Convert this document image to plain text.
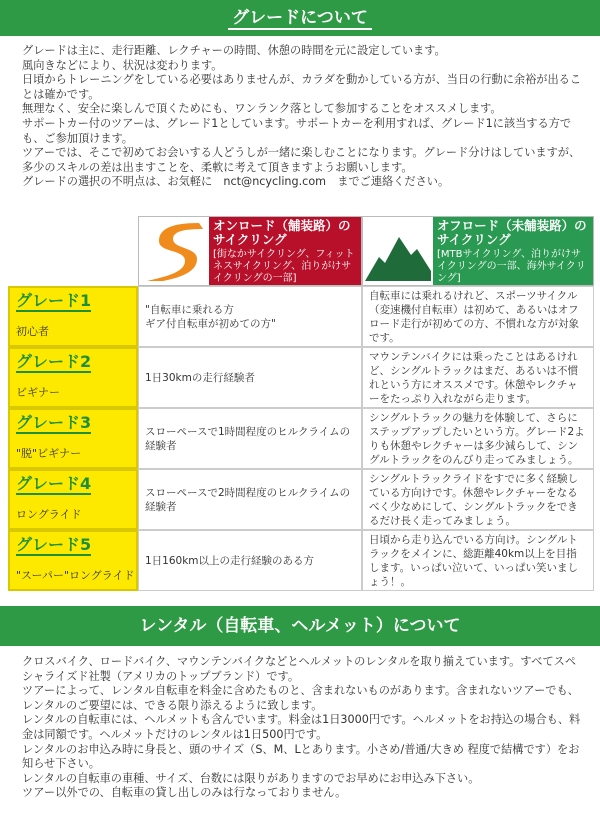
グレードについて

グレードは主に、走行距離、レクチャーの時間、休憩の時間を元に設定しています。

風向きなどにより、状況は変わります。

日頃からトレーニングをしている必要はありませんが、カラダを動かしている方が、当日の行動に余裕が出ることは確かです。

無理なく、安全に楽しんで頂くためにも、ワンランク落として参加することをオススメします。

サポートカー付のツアーは、グレード1としています。サポートカーを利用すれば、グレード1に該当する方でも、ご参加頂けます。

ツアーでは、そこで初めてお会いする人どうしが一緒に楽しむことになります。グレード分けはしていますが、多少のスキルの差は出ますことを、柔軟に考えて頂きますようお願いします。

グレードの選択の不明点は、お気軽に　nct@ncycling.com　までご連絡ください。

オンロード（舗装路）のサイクリング
[街なかサイクリング、フィットネスサイクリング、泊りがけサイクリングの一部]
オフロード（未舗装路）のサイクリング
[MTBサイクリング、泊りがけサイクリングの一部、海外サイクリング]
グレード1
初心者
"自転車に乗れる方
ギア付自転車が初めての方"
自転車には乗れるけれど、スポーツサイクル（変速機付自転車）は初めて、あるいはオフロード走行が初めての方、不慣れな方が対象です。
グレード2
ビギナー
1日30kmの走行経験者
マウンテンバイクには乗ったことはあるけれど、シングルトラックはまだ、あるいは不慣れという方にオススメです。休憩やレクチャーをたっぷり入れながら走ります。
グレード3
"脱"ビギナー
スローペースで1時間程度のヒルクライムの経験者
シングルトラックの魅力を体験して、さらにステップアップしたいという方。グレード2よりも休憩やレクチャーは多少減らして、シングルトラックをのんびり走ってみましょう。
グレード4
ロングライド
スローペースで2時間程度のヒルクライムの経験者
シングルトラックライドをすでに多く経験している方向けです。休憩やレクチャーをなるべく少なめにして、シングルトラックをできるだけ長く走ってみましょう。
グレード5
"スーパー"ロングライド
1日160km以上の走行経験のある方
日頃から走り込んでいる方向け。シングルトラックをメインに、総距離40km以上を目指します。いっぱい泣いて、いっぱい笑いましょう！。
レンタル（自転車、ヘルメット）について

クロスバイク、ロードバイク、マウンテンバイクなどとヘルメットのレンタルを取り揃えています。すべてスペシャライズド社製（アメリカのトップブランド）です。

ツアーによって、レンタル自転車を料金に含めたものと、含まれないものがあります。含まれないツアーでも、レンタルのご要望には、できる限り添えるように致します。

レンタルの自転車には、ヘルメットも含んでいます。料金は1日3000円です。ヘルメットをお持込の場合も、料金は同額です。ヘルメットだけのレンタルは1日500円です。

レンタルのお申込み時に身長と、頭のサイズ（S、M、Lとあります。小さめ/普通/大きめ 程度で結構です）をお知らせ下さい。

レンタルの自転車の車種、サイズ、台数には限りがありますのでお早めにお申込み下さい。

ツアー以外での、自転車の貸し出しのみは行なっておりません。
